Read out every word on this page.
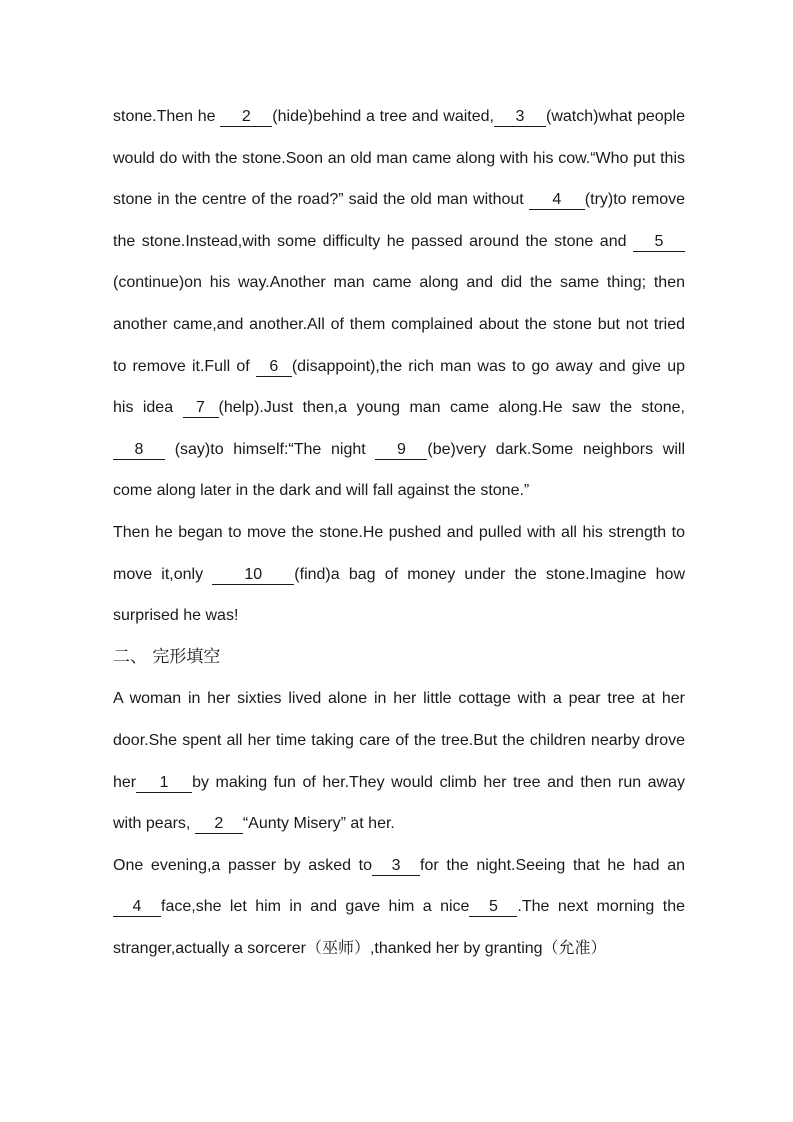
stone.Then he 2 (hide)behind a tree and waited, 3 (watch)what people would do with the stone.Soon an old man came along with his cow.“Who put this stone in the centre of the road?” said the old man without 4 (try)to remove the stone.Instead,with some difficulty he passed around the stone and 5(continue)on his way.Another man came along and did the same thing; then another came,and another.All of them complained about the stone but not tried to remove it.Full of 6 (disappoint),the rich man was to go away and give up his idea 7 (help).Just then,a young man came along.He saw the stone,8 (say)to himself:“The night 9 (be)very dark.Some neighbors will come along later in the dark and will fall against the stone.”

Then he began to move the stone.He pushed and pulled with all his strength to move it,only 10 (find)a bag of money under the stone.Imagine how surprised he was!

二、 完形填空

A woman in her sixties lived alone in her little cottage with a pear tree at her door.She spent all her time taking care of the tree.But the children nearby drove her 1 by making fun of her.They would climb her tree and then run away with pears, 2 “Aunty Misery” at her.

One evening,a passer by asked to 3 for the night.Seeing that he had an4 face,she let him in and gave him a nice 5 .The next morning the stranger,actually a sorcerer（巫师）,thanked her by granting（允准）
